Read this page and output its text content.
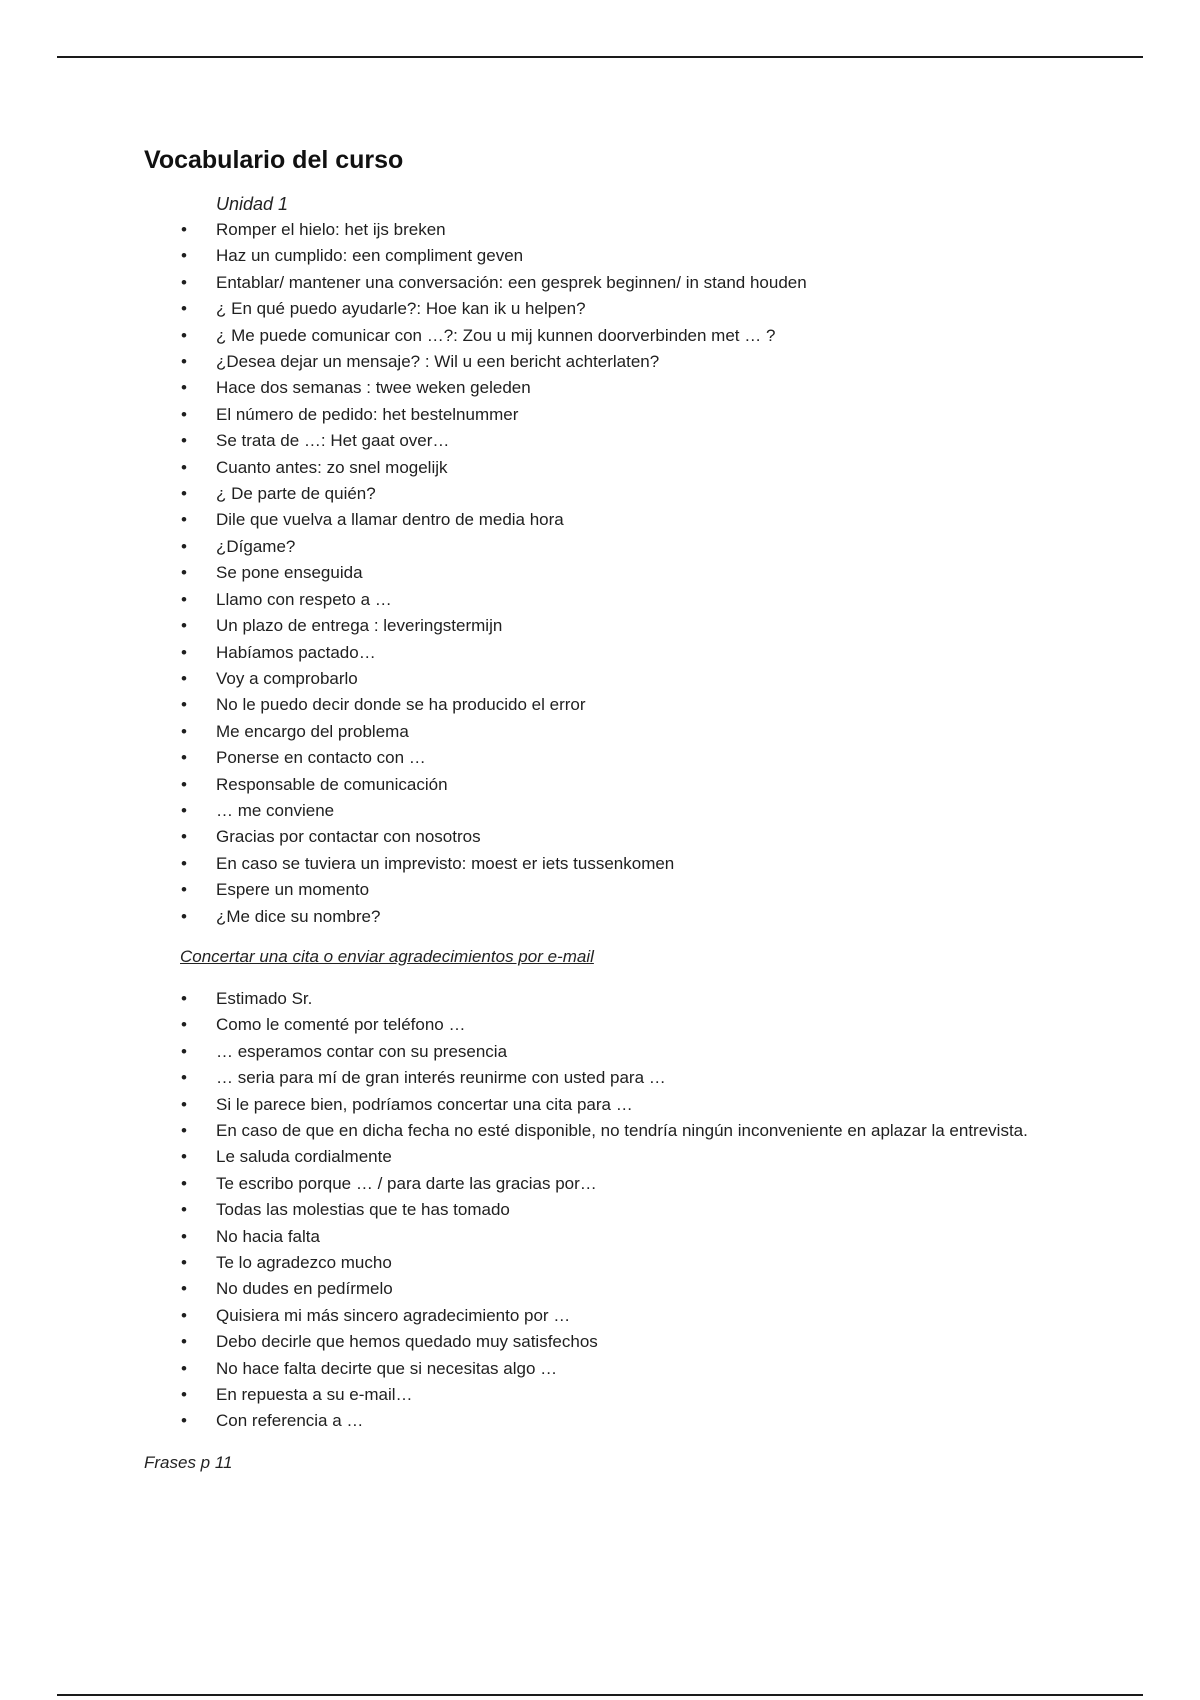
Vocabulario del curso
Unidad 1
• Romper el hielo: het ijs breken
• Haz un cumplido: een compliment geven
• Entablar/ mantener una conversación: een gesprek beginnen/ in stand houden
• ¿ En qué puedo ayudarle?: Hoe kan ik u helpen?
• ¿ Me puede comunicar con …?: Zou u mij kunnen doorverbinden met … ?
• ¿Desea dejar un mensaje? : Wil u een bericht achterlaten?
• Hace dos semanas : twee weken geleden
• El número de pedido: het bestelnummer
• Se trata de …: Het gaat over…
• Cuanto antes: zo snel mogelijk
• ¿ De parte de quién?
• Dile que vuelva a llamar dentro de media hora
• ¿Dígame?
• Se pone enseguida
• Llamo con respeto a …
• Un plazo de entrega : leveringstermijn
• Habíamos pactado…
• Voy a comprobarlo
• No le puedo decir donde se ha producido el error
• Me encargo del problema
• Ponerse en contacto con …
• Responsable de comunicación
• … me conviene
• Gracias por contactar con nosotros
• En caso se tuviera un imprevisto: moest er iets tussenkomen
• Espere un momento
• ¿Me dice su nombre?
Concertar una cita o enviar agradecimientos por e-mail
• Estimado Sr.
• Como le comenté por teléfono …
• … esperamos contar con su presencia
• … seria para mí de gran interés reunirme con usted para …
• Si le parece bien, podríamos concertar una cita para …
• En caso de que en dicha fecha no esté disponible, no tendría ningún inconveniente en aplazar la entrevista.
• Le saluda cordialmente
• Te escribo porque … / para darte las gracias por…
• Todas las molestias que te has tomado
• No hacia falta
• Te lo agradezco mucho
• No dudes en pedírmelo
• Quisiera mi más sincero agradecimiento por …
• Debo decirle que hemos quedado muy satisfechos
• No hace falta decirte que si necesitas algo …
• En repuesta a su e-mail…
• Con referencia a …
Frases p 11
